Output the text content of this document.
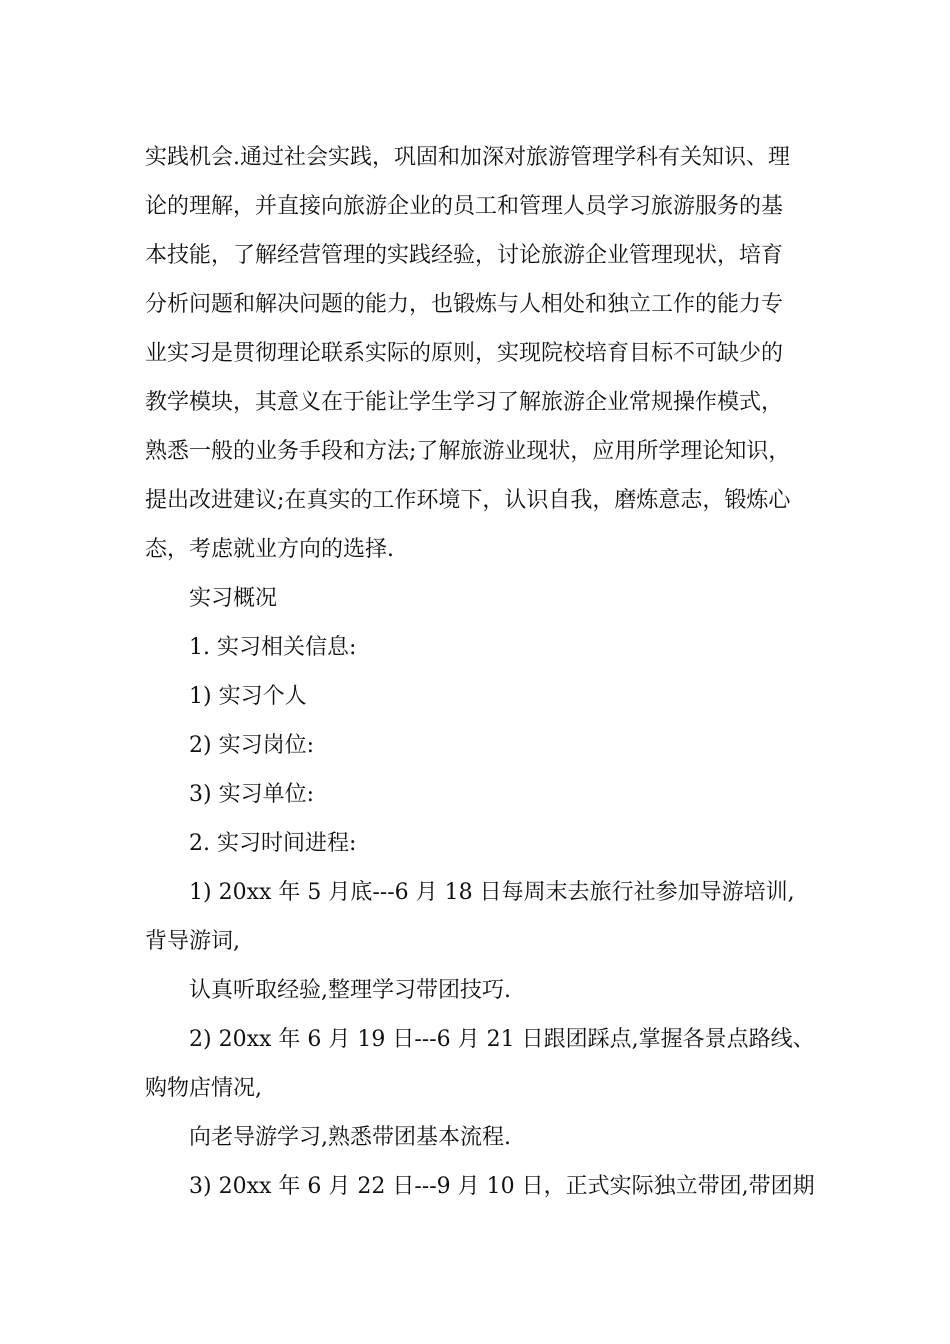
实践机会.通过社会实践，巩固和加深对旅游管理学科有关知识、理
论的理解，并直接向旅游企业的员工和管理人员学习旅游服务的基
本技能，了解经营管理的实践经验，讨论旅游企业管理现状，培育
分析问题和解决问题的能力，也锻炼与人相处和独立工作的能力专
业实习是贯彻理论联系实际的原则，实现院校培育目标不可缺少的
教学模块，其意义在于能让学生学习了解旅游企业常规操作模式，
熟悉一般的业务手段和方法;了解旅游业现状，应用所学理论知识，
提出改进建议;在真实的工作环境下，认识自我，磨炼意志，锻炼心
态，考虑就业方向的选择.
实习概况
1. 实习相关信息:
1) 实习个人
2) 实习岗位:
3) 实习单位:
2. 实习时间进程:
1) 20xx 年 5 月底---6 月 18 日每周末去旅行社参加导游培训,
背导游词,
认真听取经验,整理学习带团技巧.
2) 20xx 年 6 月 19 日---6 月 21 日跟团踩点,掌握各景点路线、
购物店情况,
向老导游学习,熟悉带团基本流程.
3) 20xx 年 6 月 22 日---9 月 10 日，正式实际独立带团,带团期
